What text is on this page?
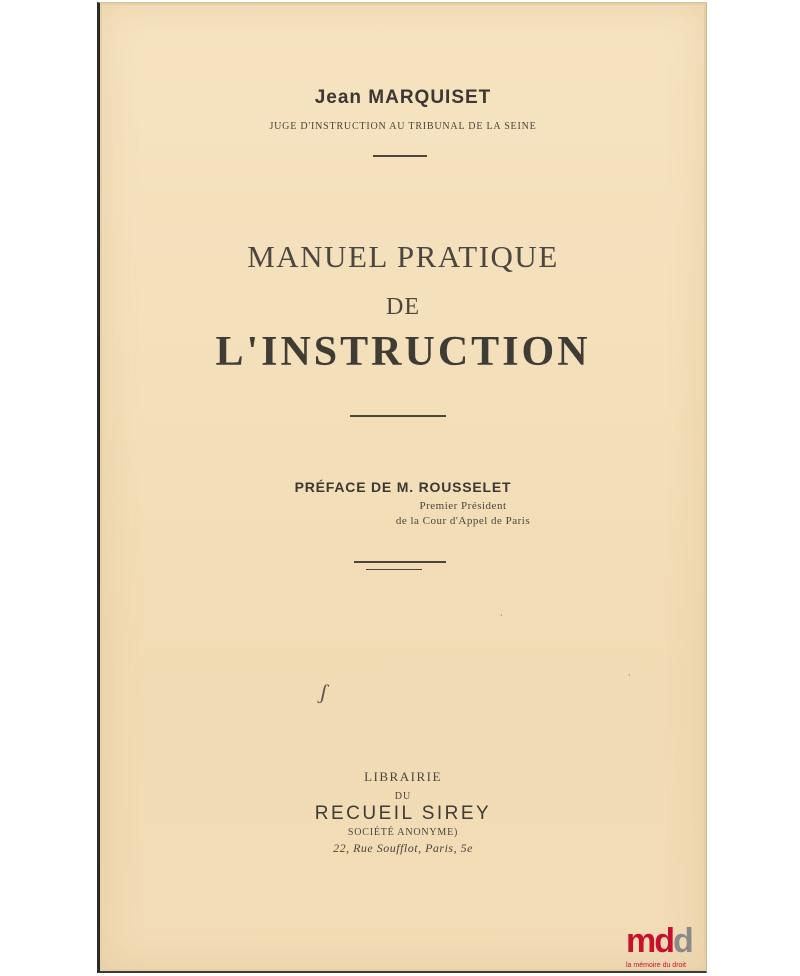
Jean MARQUISET
JUGE D'INSTRUCTION AU TRIBUNAL DE LA SEINE
MANUEL PRATIQUE
DE
L'INSTRUCTION
PRÉFACE DE M. ROUSSELET
Premier Président
de la Cour d'Appel de Paris
ʃ
·
·
LIBRAIRIE
DU
RECUEIL SIREY
SOCIÉTÉ ANONYME)
22, Rue Soufflot, Paris, 5e
mdd
la mémoire du droit
